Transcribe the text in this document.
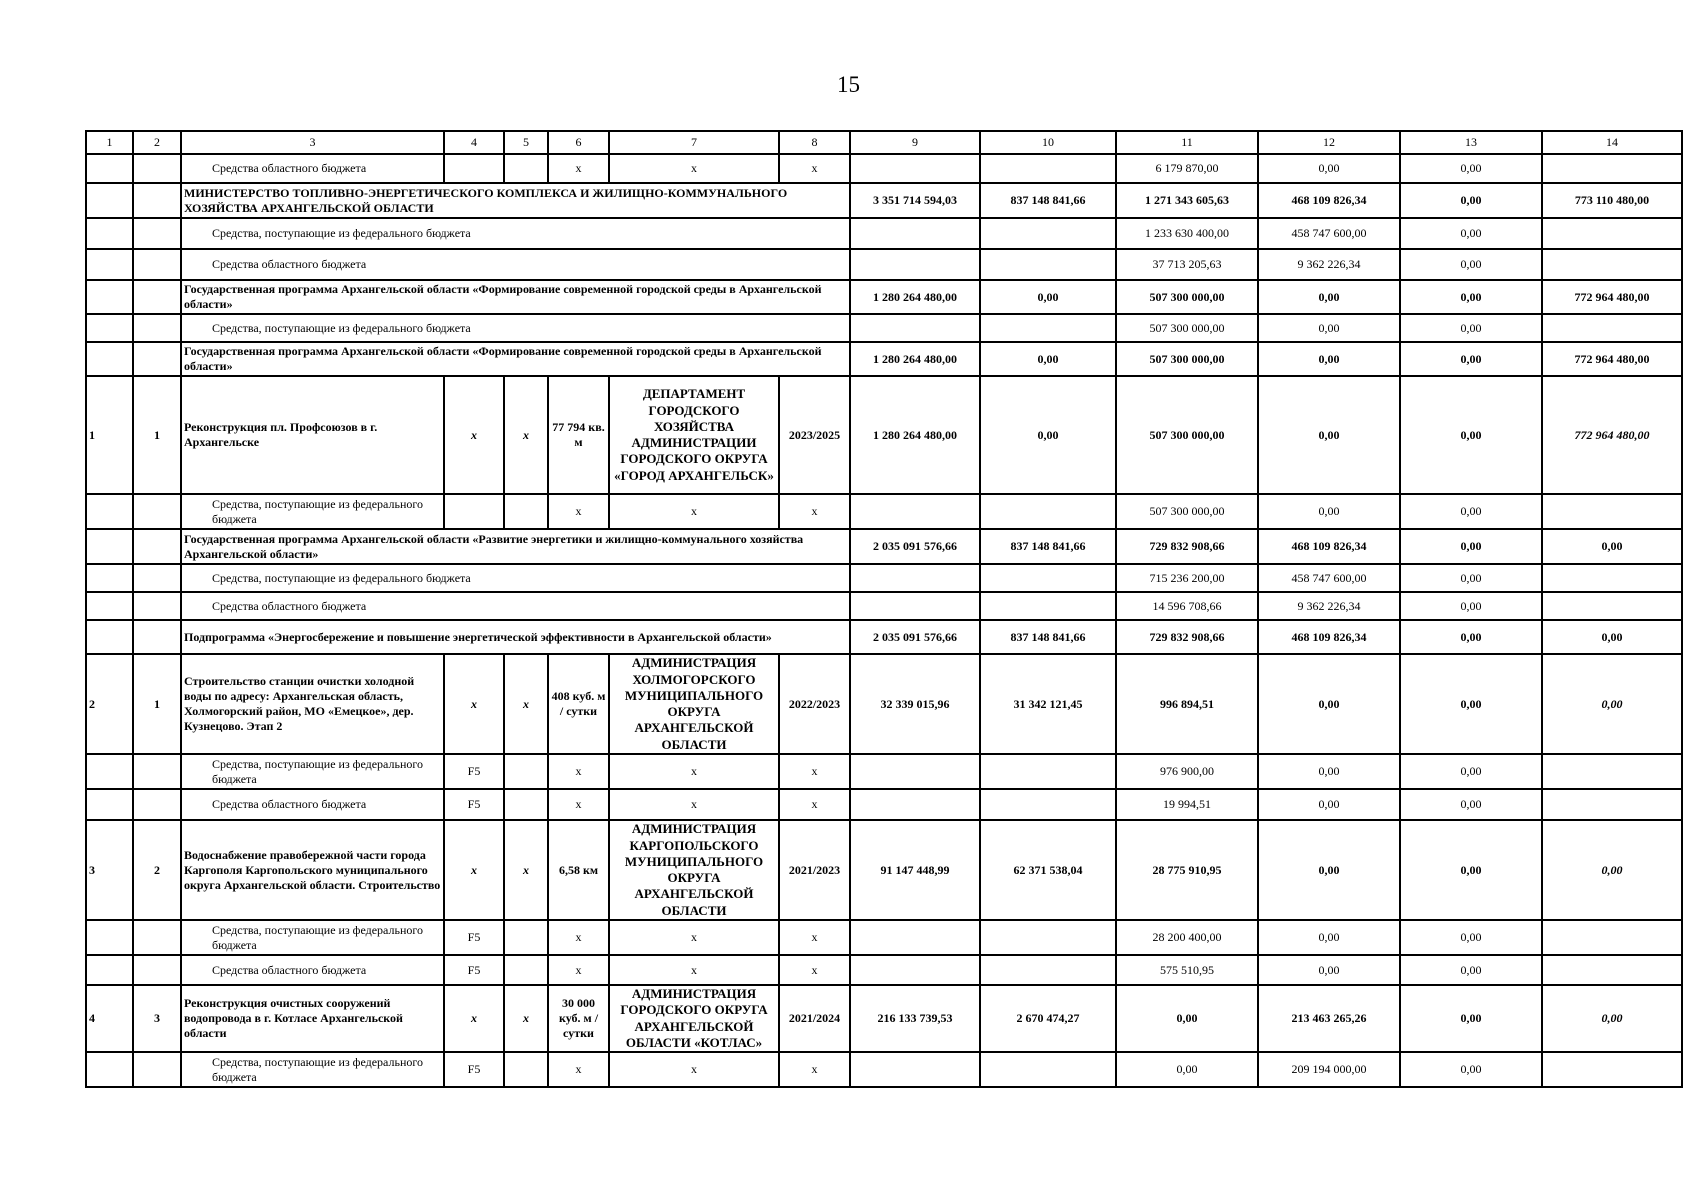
15
1	2	3	4	5	6	7	8	9	10	11	12	13	14
		Средства областного бюджета			x	x	x			6 179 870,00	0,00	0,00	
		МИНИСТЕРСТВО ТОПЛИВНО-ЭНЕРГЕТИЧЕСКОГО КОМПЛЕКСА И ЖИЛИЩНО-КОММУНАЛЬНОГО ХОЗЯЙСТВА АРХАНГЕЛЬСКОЙ ОБЛАСТИ						3 351 714 594,03	837 148 841,66	1 271 343 605,63	468 109 826,34	0,00	773 110 480,00
		Средства, поступающие из федерального бюджета								1 233 630 400,00	458 747 600,00	0,00	
		Средства областного бюджета								37 713 205,63	9 362 226,34	0,00	
		Государственная программа Архангельской области «Формирование современной городской среды в Архангельской области»						1 280 264 480,00	0,00	507 300 000,00	0,00	0,00	772 964 480,00
		Средства, поступающие из федерального бюджета								507 300 000,00	0,00	0,00	
		Государственная программа Архангельской области «Формирование современной городской среды в Архангельской области»						1 280 264 480,00	0,00	507 300 000,00	0,00	0,00	772 964 480,00
1	1	Реконструкция пл. Профсоюзов в г. Архангельске	x	x	77 794 кв. м	ДЕПАРТАМЕНТ ГОРОДСКОГО ХОЗЯЙСТВА АДМИНИСТРАЦИИ ГОРОДСКОГО ОКРУГА «ГОРОД АРХАНГЕЛЬСК»	2023/2025	1 280 264 480,00	0,00	507 300 000,00	0,00	0,00	772 964 480,00
		Средства, поступающие из федерального бюджета			x	x	x			507 300 000,00	0,00	0,00	
		Государственная программа Архангельской области «Развитие энергетики и жилищно-коммунального хозяйства Архангельской области»						2 035 091 576,66	837 148 841,66	729 832 908,66	468 109 826,34	0,00	0,00
		Средства, поступающие из федерального бюджета								715 236 200,00	458 747 600,00	0,00	
		Средства областного бюджета								14 596 708,66	9 362 226,34	0,00	
		Подпрограмма «Энергосбережение и повышение энергетической эффективности в Архангельской области»						2 035 091 576,66	837 148 841,66	729 832 908,66	468 109 826,34	0,00	0,00
2	1	Строительство станции очистки холодной воды по адресу: Архангельская область, Холмогорский район, МО «Емецкое», дер. Кузнецово. Этап 2	x	x	408 куб. м / сутки	АДМИНИСТРАЦИЯ ХОЛМОГОРСКОГО МУНИЦИПАЛЬНОГО ОКРУГА АРХАНГЕЛЬСКОЙ ОБЛАСТИ	2022/2023	32 339 015,96	31 342 121,45	996 894,51	0,00	0,00	0,00
		Средства, поступающие из федерального бюджета	F5		x	x	x			976 900,00	0,00	0,00	
		Средства областного бюджета	F5		x	x	x			19 994,51	0,00	0,00	
3	2	Водоснабжение правобережной части города Каргополя Каргопольского муниципального округа Архангельской области. Строительство	x	x	6,58 км	АДМИНИСТРАЦИЯ КАРГОПОЛЬСКОГО МУНИЦИПАЛЬНОГО ОКРУГА АРХАНГЕЛЬСКОЙ ОБЛАСТИ	2021/2023	91 147 448,99	62 371 538,04	28 775 910,95	0,00	0,00	0,00
		Средства, поступающие из федерального бюджета	F5		x	x	x			28 200 400,00	0,00	0,00	
		Средства областного бюджета	F5		x	x	x			575 510,95	0,00	0,00	
4	3	Реконструкция очистных сооружений водопровода в г. Котласе Архангельской области	x	x	30 000 куб. м / сутки	АДМИНИСТРАЦИЯ ГОРОДСКОГО ОКРУГА АРХАНГЕЛЬСКОЙ ОБЛАСТИ «КОТЛАС»	2021/2024	216 133 739,53	2 670 474,27	0,00	213 463 265,26	0,00	0,00
		Средства, поступающие из федерального бюджета	F5		x	x	x			0,00	209 194 000,00	0,00	
